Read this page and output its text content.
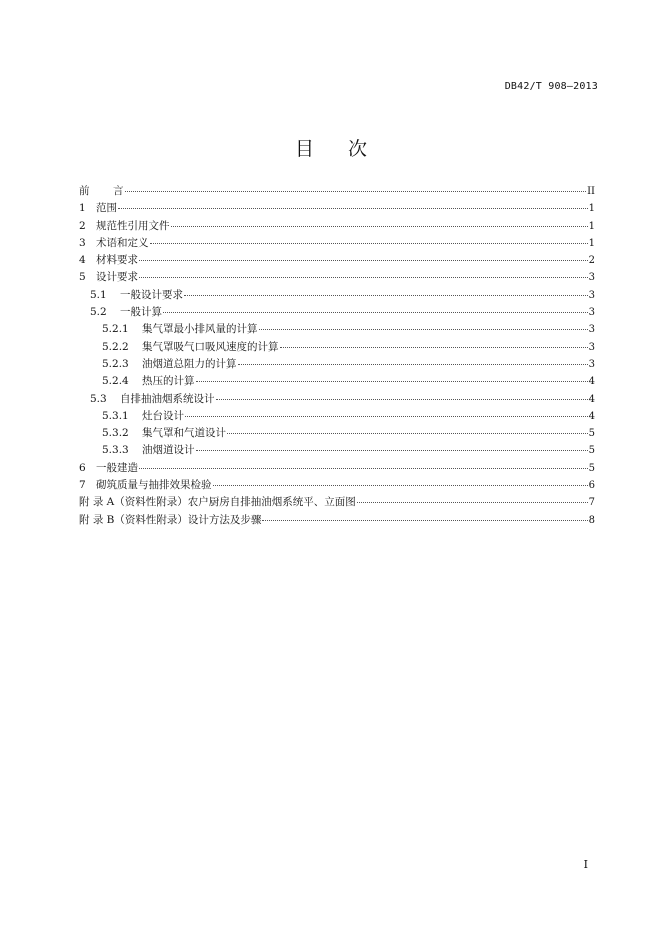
DB42/T 908—2013
目 次
前	言	II
1 范围	1
2 规范性引用文件	1
3 术语和定义	1
4 材料要求	2
5 设计要求	3
5.1	一般设计要求	3
5.2	一般计算	3
5.2.1	集气罩最小排风量的计算	3
5.2.2	集气罩吸气口吸风速度的计算	3
5.2.3	油烟道总阻力的计算	3
5.2.4	热压的计算	4
5.3	自排抽油烟系统设计	4
5.3.1	灶台设计	4
5.3.2	集气罩和气道设计	5
5.3.3	油烟道设计	5
6 一般建造	5
7 砌筑质量与抽排效果检验	6
附 录 A （资料性附录）农户厨房自排抽油烟系统平、立面图	7
附 录 B （资料性附录）设计方法及步骤	8
I
